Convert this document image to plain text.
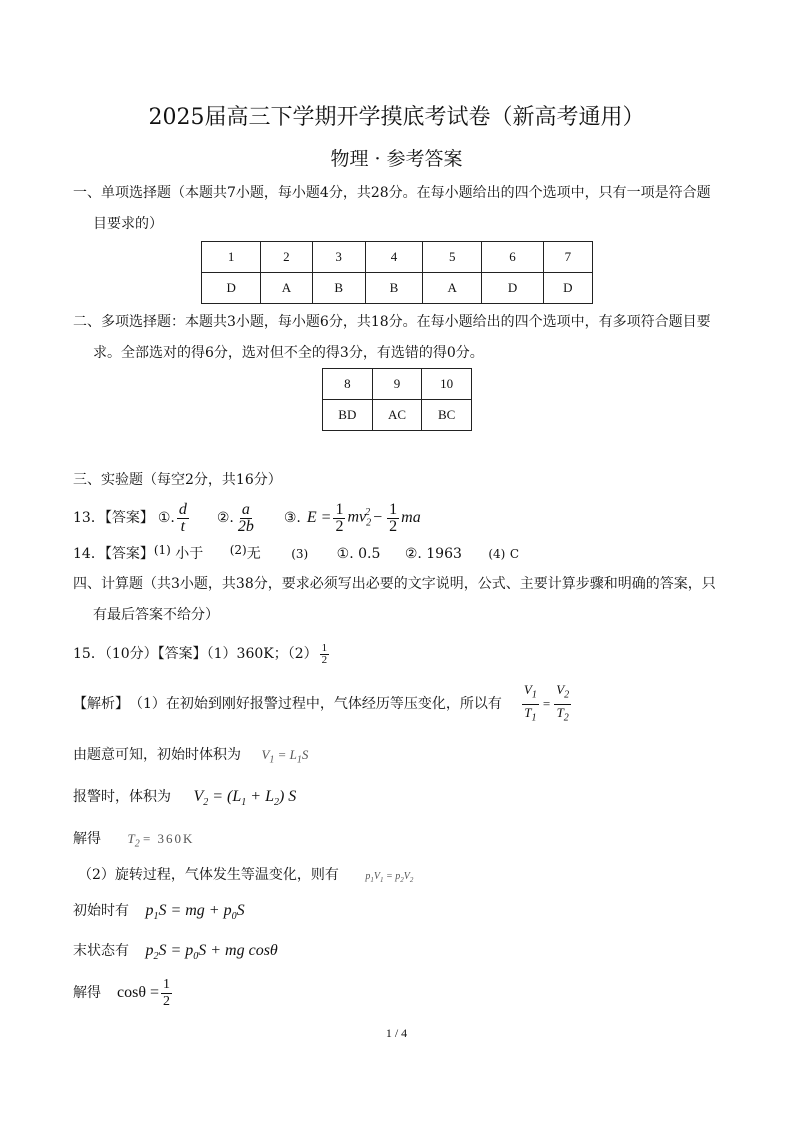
2025届高三下学期开学摸底考试卷（新高考通用）
物理 · 参考答案
一、单项选择题（本题共7小题，每小题4分，共28分。在每小题给出的四个选项中，只有一项是符合题
目要求的）
1	2	3	4	5	6	7
D	A	B	B	A	D	D
二、多项选择题：本题共3小题，每小题6分，共18分。在每小题给出的四个选项中，有多项符合题目要
求。全部选对的得6分，选对但不全的得3分，有选错的得0分。
8	9	10
BD	AC	BC
三、实验题（每空2分，共16分）
13．【答案】 ①. $\frac{d}{t}$ ②. $\frac{a}{2b}$ ③. $E = \frac{1}{2} mv_2^2 - \frac{1}{2}$ ma
14．【答案】(1) 小于 (2)无	(3) ①. 0.5 ②. 1963 (4) C
四、计算题（共3小题，共38分，要求必须写出必要的文字说明，公式、主要计算步骤和明确的答案，只
有最后答案不给分）
15．（10分）【答案】（1）360K；$(2) \frac{1}{2}$
【解析】 （1）在初始到刚好报警过程中，气体经历等压变化，所以有 $\frac{V_1}{T_1} = \frac{V_2}{T_2}$
由题意可知，初始时体积为 $V_1 = L_1S$
报警时，体积为 $V_2 = (L_1 + L_2)$ S
解得 $T_2 = 360K$
（2）旋转过程，气体发生等温变化，则有	$p_1V_1 = p_2V_2$
初始时有 $p_1S$ = mg + $p_0S$
末状态有 $p_2S = p_0S$ + mg cosθ
解得 $\cos\theta = \frac{1}{2}$
1 / 4
